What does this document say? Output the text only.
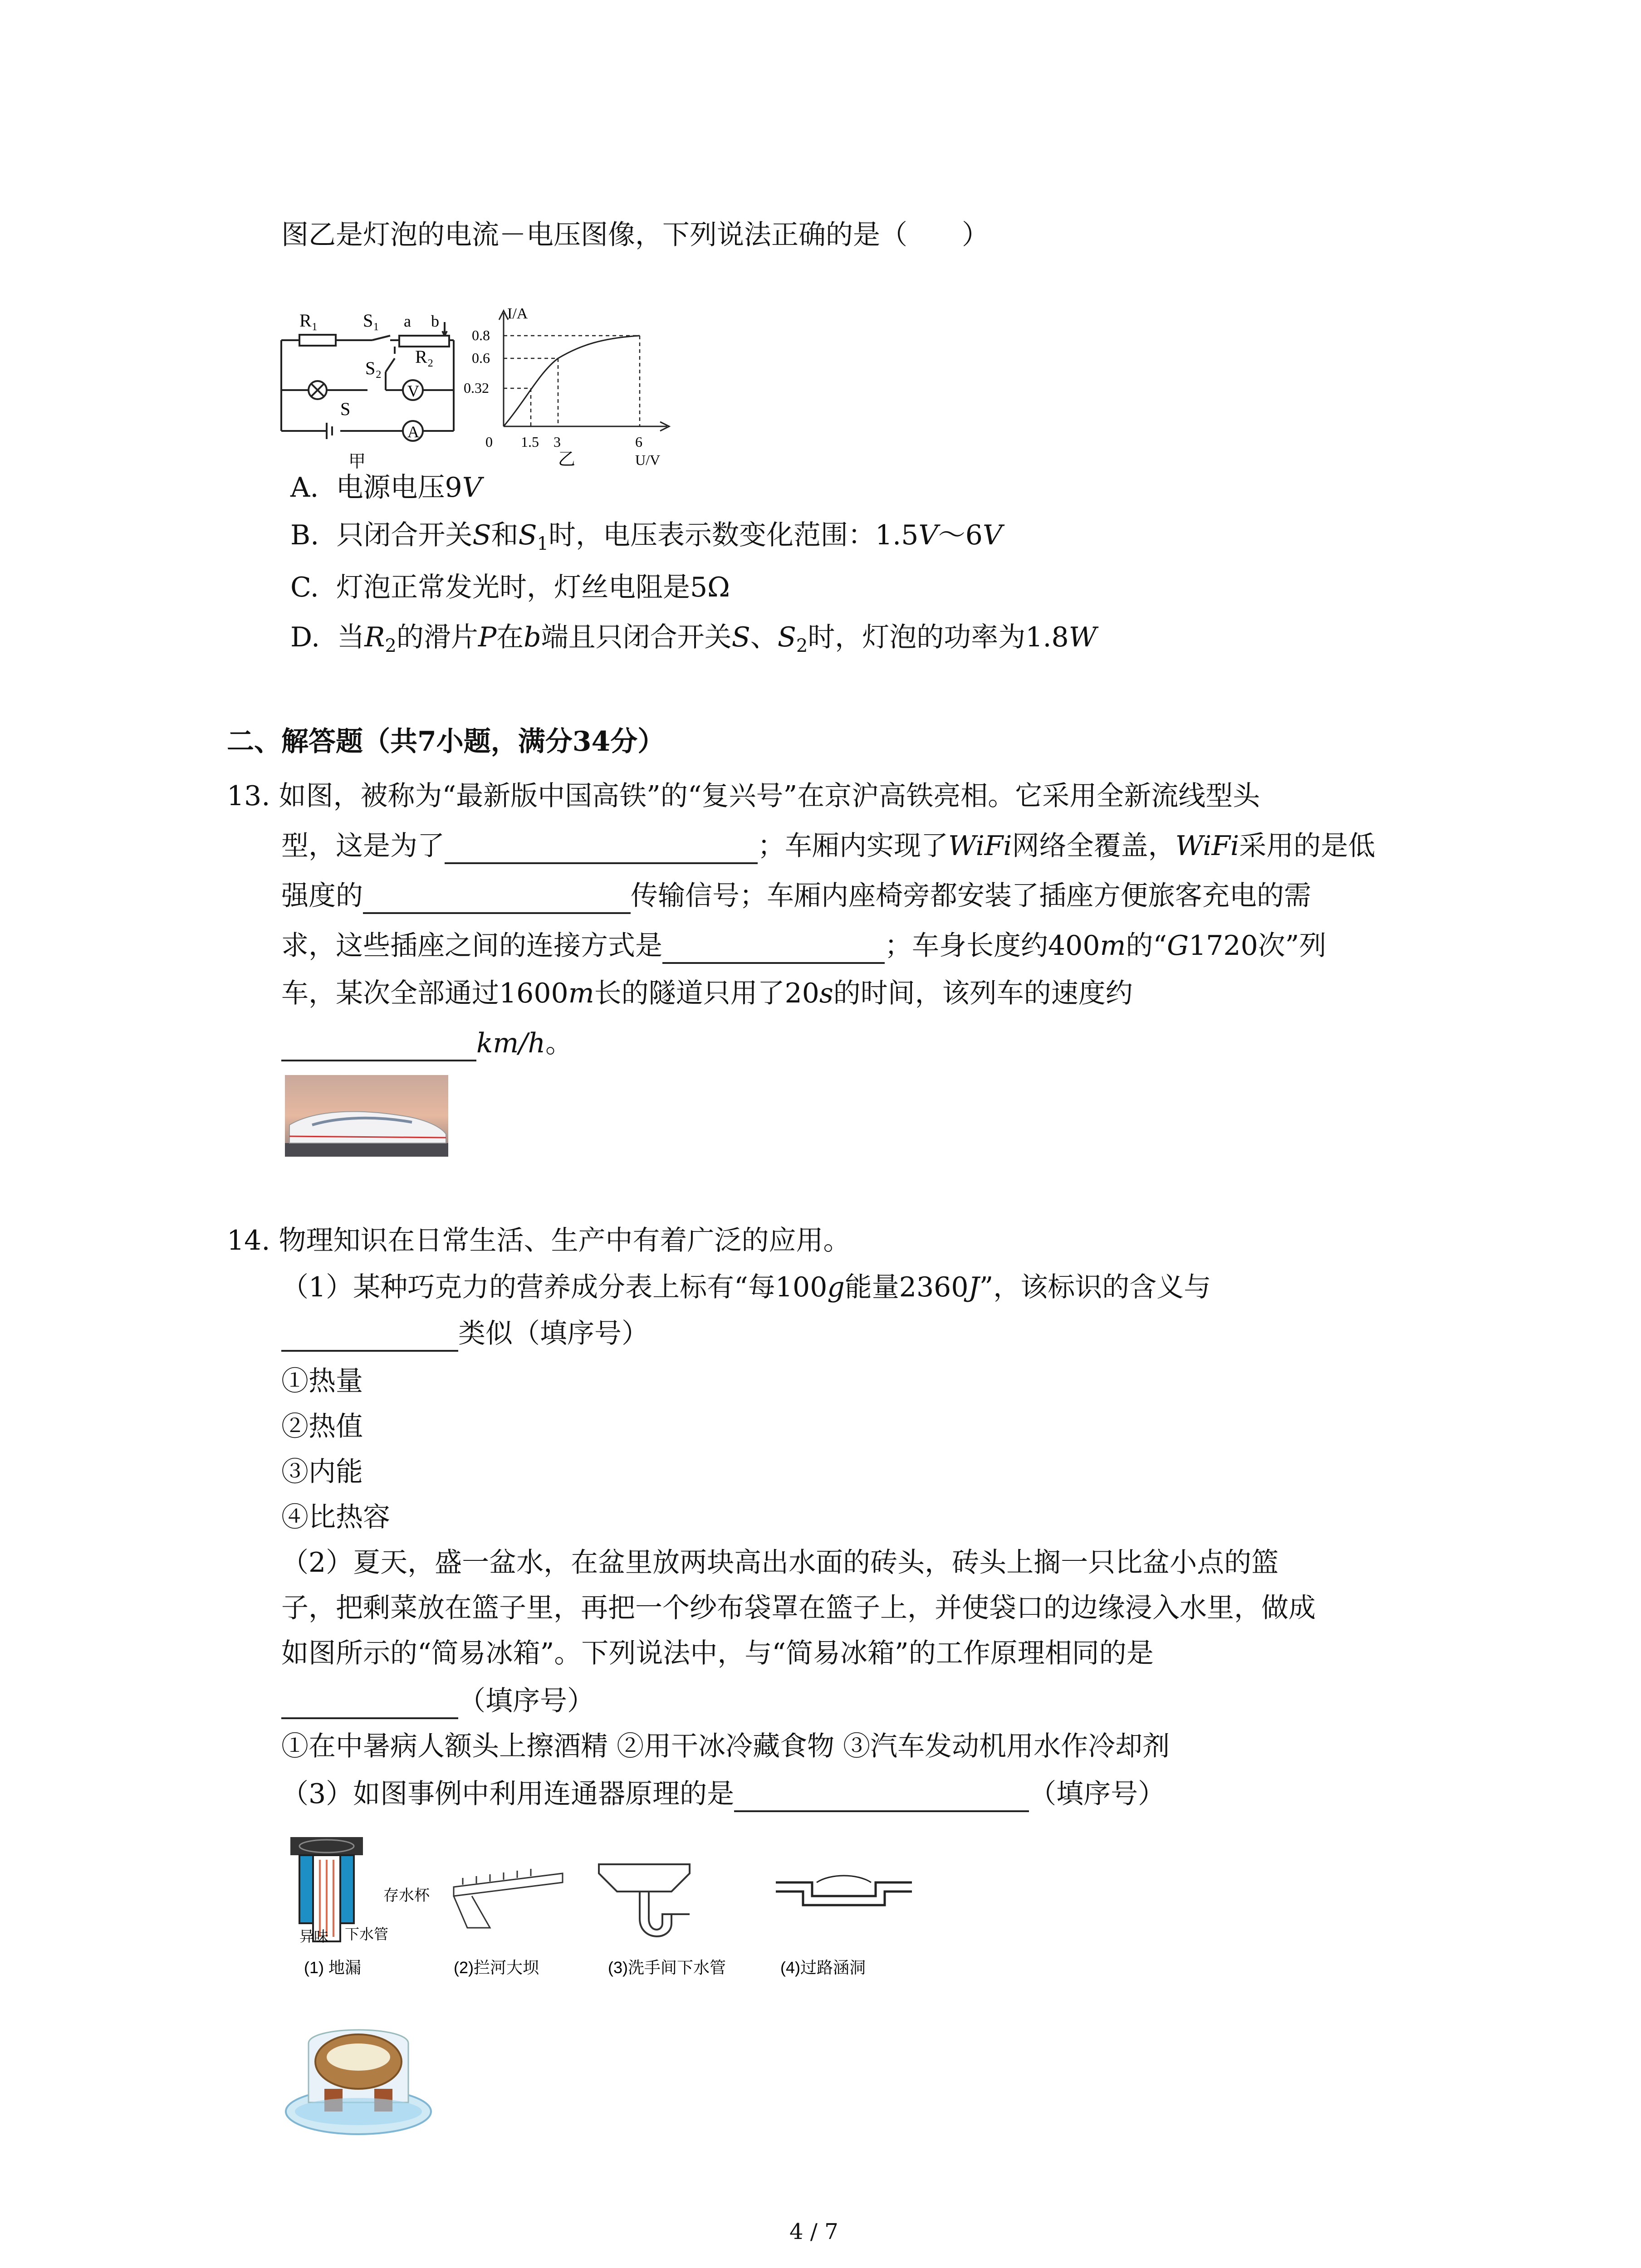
图乙是灯泡的电流－电压图像，下列说法正确的是（　　）
R₁ S₁ a b
R₂
S₂
S
V
A
甲
I/A
0.8
0.6
0.32
0 1.5 3	6
U/V
乙
A. 电源电压9V
B. 只闭合开关S和$S_1$时，电压表示数变化范围：1.5V～6V
C. 灯泡正常发光时，灯丝电阻是5Ω
D. 当$R_2$的滑片P在b端且只闭合开关S、$S_2$时，灯泡的功率为1.8W
二、解答题（共7小题，满分34分）
13. 如图，被称为“最新版中国高铁”的“复兴号”在京沪高铁亮相。它采用全新流线型头
型，这是为了	；车厢内实现了WiFi网络全覆盖，WiFi采用的是低
强度的	传输信号；车厢内座椅旁都安装了插座方便旅客充电的需
求，这些插座之间的连接方式是	；车身长度约400m的“G1720次”列
车，某次全部通过1600m长的隧道只用了20s的时间，该列车的速度约
km/h。
14. 物理知识在日常生活、生产中有着广泛的应用。
（1）某种巧克力的营养成分表上标有“每100g能量2360J”，该标识的含义与
类似（填序号）
①热量
②热值
③内能
④比热容
（2）夏天，盛一盆水，在盆里放两块高出水面的砖头，砖头上搁一只比盆小点的篮
子，把剩菜放在篮子里，再把一个纱布袋罩在篮子上，并使袋口的边缘浸入水里，做成
如图所示的“简易冰箱”。下列说法中，与“简易冰箱”的工作原理相同的是
（填序号）
①在中暑病人额头上擦酒精 ②用干冰冷藏食物 ③汽车发动机用水作冷却剂
（3）如图事例中利用连通器原理的是	（填序号）
存水杯
异味 下水管
(1) 地漏	(2)拦河大坝	(3)洗手间下水管	(4)过路涵洞
4 / 7
